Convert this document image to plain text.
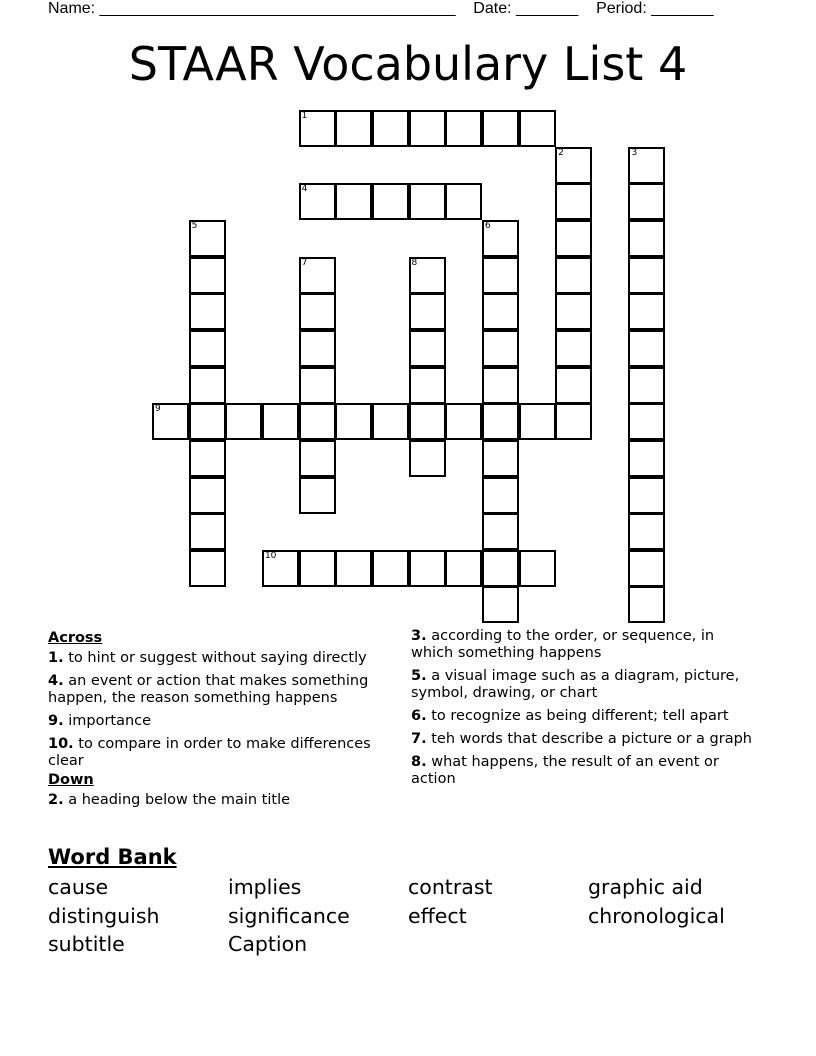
Name: ________________________________________ Date: _______ Period: _______
STAAR Vocabulary List 4
1
2	3
4
5	6
7	8
9
10
Across
1. to hint or suggest without saying directly
4. an event or action that makes something happen, the reason something happens
9. importance
10. to compare in order to make differences clear
Down
2. a heading below the main title
3. according to the order, or sequence, in which something happens
5. a visual image such as a diagram, picture, symbol, drawing, or chart
6. to recognize as being different; tell apart
7. teh words that describe a picture or a graph
8. what happens, the result of an event or action
Word Bank
cause	implies	contrast	graphic aid
distinguish	significance	effect	chronological
subtitle	Caption
